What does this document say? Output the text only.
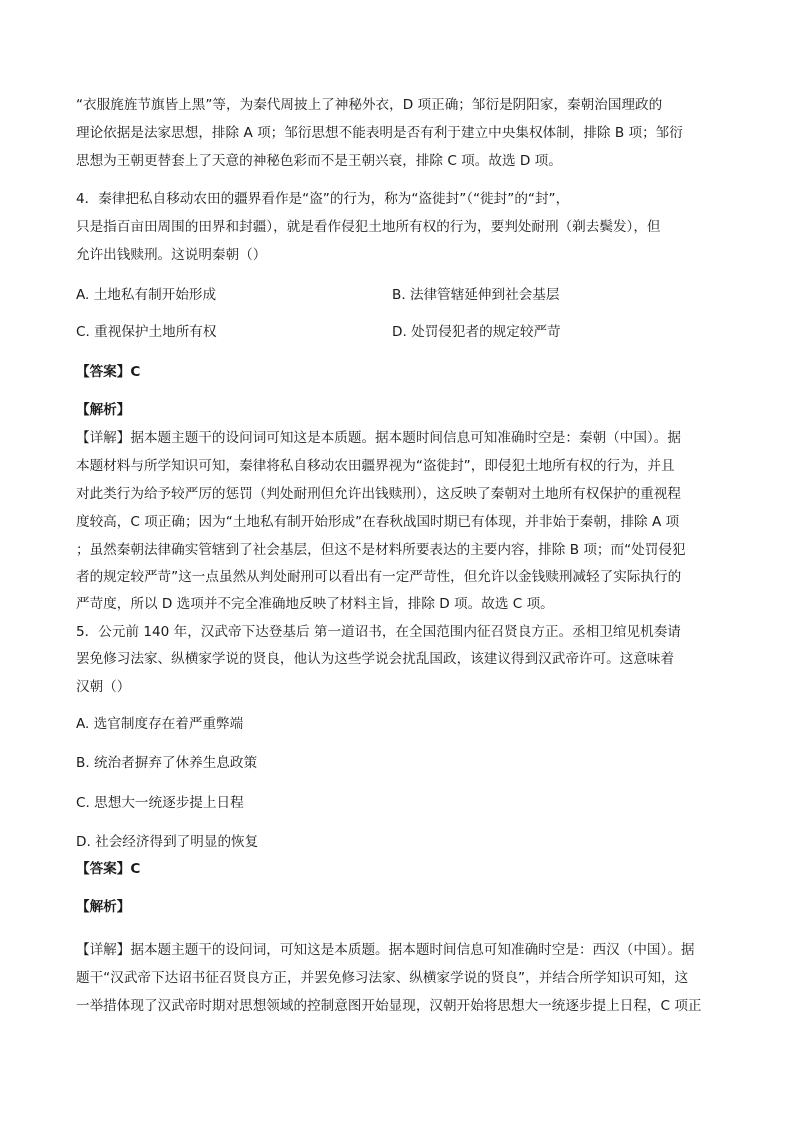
“衣服旄旌节旗皆上黑”等，为秦代周披上了神秘外衣，D 项正确；邹衍是阴阳家，秦朝治国理政的
理论依据是法家思想，排除 A 项；邹衍思想不能表明是否有利于建立中央集权体制，排除 B 项；邹衍
思想为王朝更替套上了天意的神秘色彩而不是王朝兴衰，排除 C 项。故选 D 项。
4．秦律把私自移动农田的疆界看作是“盗”的行为，称为“盗徙封”（“徙封”的“封”，
只是指百亩田周围的田界和封疆），就是看作侵犯土地所有权的行为，要判处耐刑（剃去鬓发），但
允许出钱赎刑。这说明秦朝（）
A. 土地私有制开始形成	B. 法律管辖延伸到社会基层
C. 重视保护土地所有权	D. 处罚侵犯者的规定较严苛
【答案】C
【解析】
【详解】据本题主题干的设问词可知这是本质题。据本题时间信息可知准确时空是：秦朝（中国）。据
本题材料与所学知识可知，秦律将私自移动农田疆界视为“盗徙封”，即侵犯土地所有权的行为，并且
对此类行为给予较严厉的惩罚（判处耐刑但允许出钱赎刑），这反映了秦朝对土地所有权保护的重视程
度较高，C 项正确；因为“土地私有制开始形成”在春秋战国时期已有体现，并非始于秦朝，排除 A 项
；虽然秦朝法律确实管辖到了社会基层，但这不是材料所要表达的主要内容，排除 B 项；而“处罚侵犯
者的规定较严苛”这一点虽然从判处耐刑可以看出有一定严苛性，但允许以金钱赎刑减轻了实际执行的
严苛度，所以 D 选项并不完全准确地反映了材料主旨，排除 D 项。故选 C 项。
5．公元前 140 年，汉武帝下达登基后 第一道诏书，在全国范围内征召贤良方正。丞相卫绾见机奏请
罢免修习法家、纵横家学说的贤良，他认为这些学说会扰乱国政，该建议得到汉武帝许可。这意味着
汉朝（）
A. 选官制度存在着严重弊端
B. 统治者摒弃了休养生息政策
C. 思想大一统逐步提上日程
D. 社会经济得到了明显的恢复
【答案】C
【解析】
【详解】据本题主题干的设问词，可知这是本质题。据本题时间信息可知准确时空是：西汉（中国）。据
题干“汉武帝下达诏书征召贤良方正，并罢免修习法家、纵横家学说的贤良”，并结合所学知识可知，这
一举措体现了汉武帝时期对思想领域的控制意图开始显现，汉朝开始将思想大一统逐步提上日程，C 项正
